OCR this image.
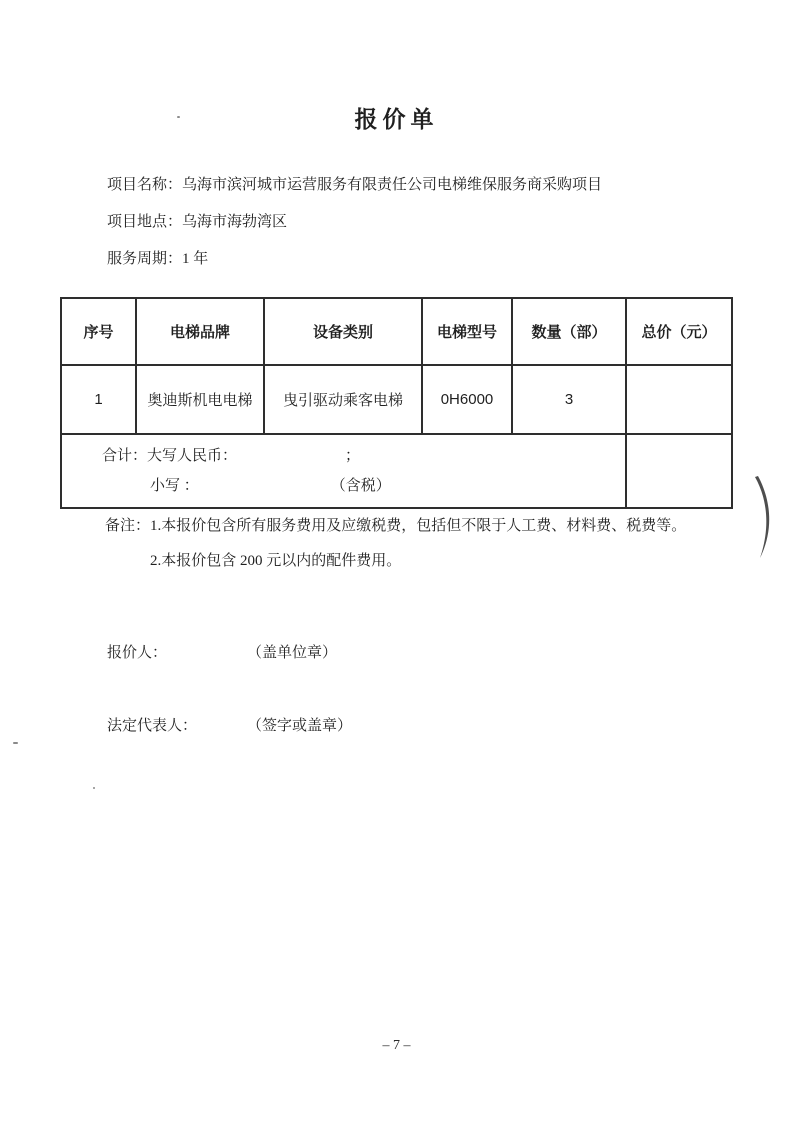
报价单
项目名称：乌海市滨河城市运营服务有限责任公司电梯维保服务商采购项目
项目地点：乌海市海勃湾区
服务周期：1 年
序号	电梯品牌	设备类别	电梯型号	数量（部）	总价（元）
1	奥迪斯机电电梯	曳引驱动乘客电梯	0H6000	3	

合计：大写人民币： ；
小写 ： （含税）					

备注： 1.本报价包含所有服务费用及应缴税费，包括但不限于人工费、材料费、税费等。
2.本报价包含 200 元以内的配件费用。
报价人：	（盖单位章）
法定代表人：	（签字或盖章）
– 7 –
